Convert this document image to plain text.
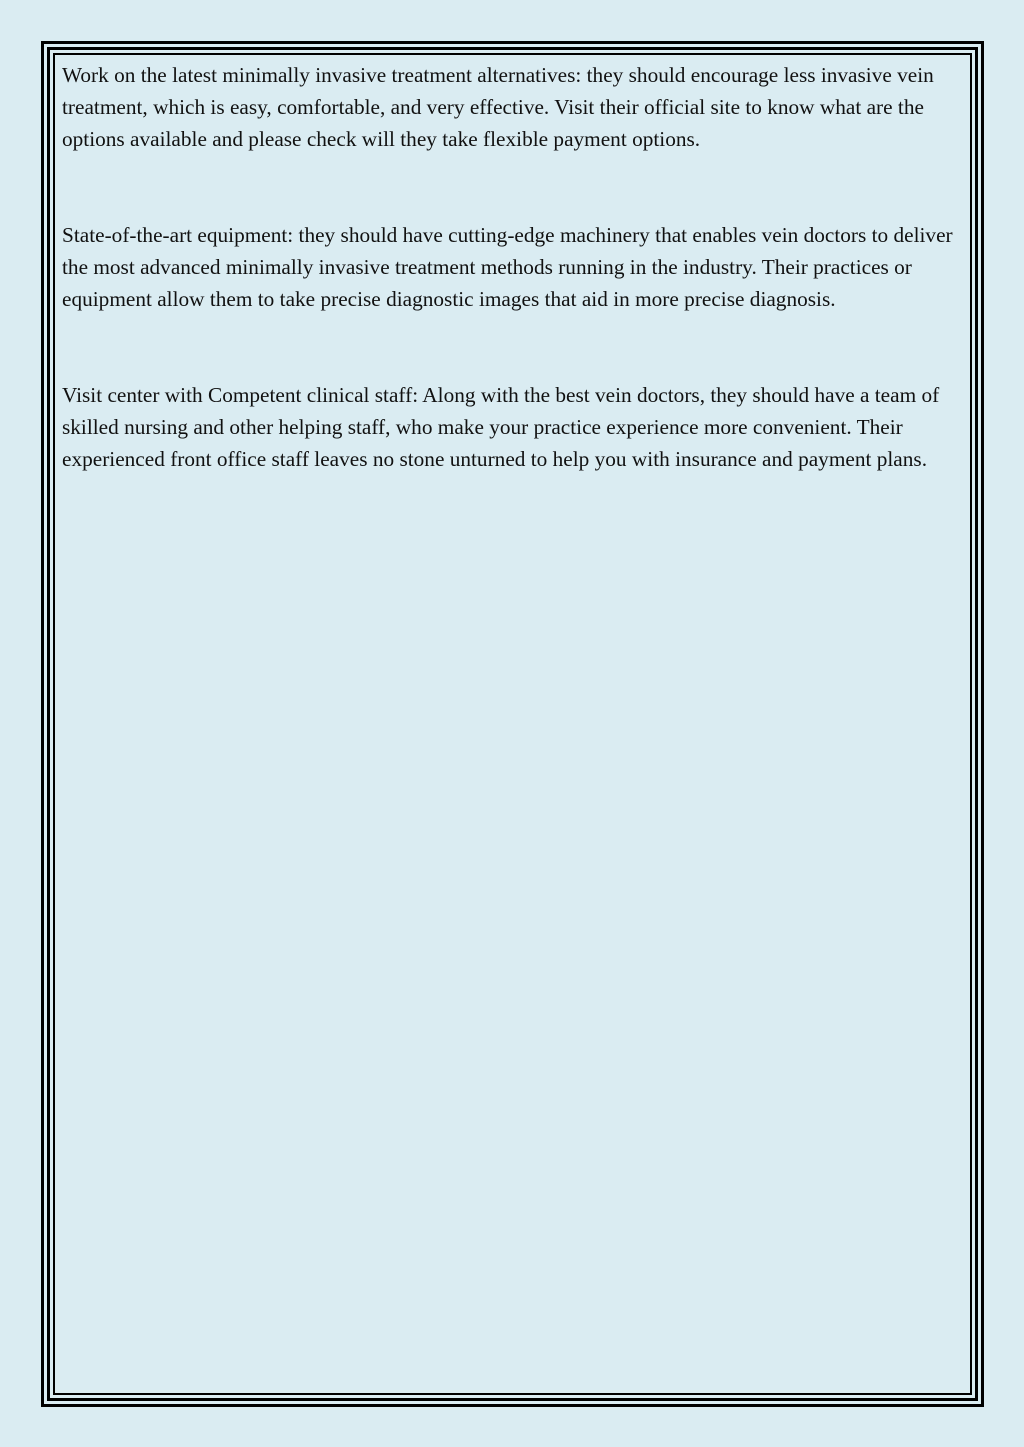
Work on the latest minimally invasive treatment alternatives: they should encourage less invasive vein treatment, which is easy, comfortable, and very effective. Visit their official site to know what are the options available and please check will they take flexible payment options.

State-of-the-art equipment: they should have cutting-edge machinery that enables vein doctors to deliver the most advanced minimally invasive treatment methods running in the industry. Their practices or equipment allow them to take precise diagnostic images that aid in more precise diagnosis.

Visit center with Competent clinical staff: Along with the best vein doctors, they should have a team of skilled nursing and other helping staff, who make your practice experience more convenient. Their experienced front office staff leaves no stone unturned to help you with insurance and payment plans.
